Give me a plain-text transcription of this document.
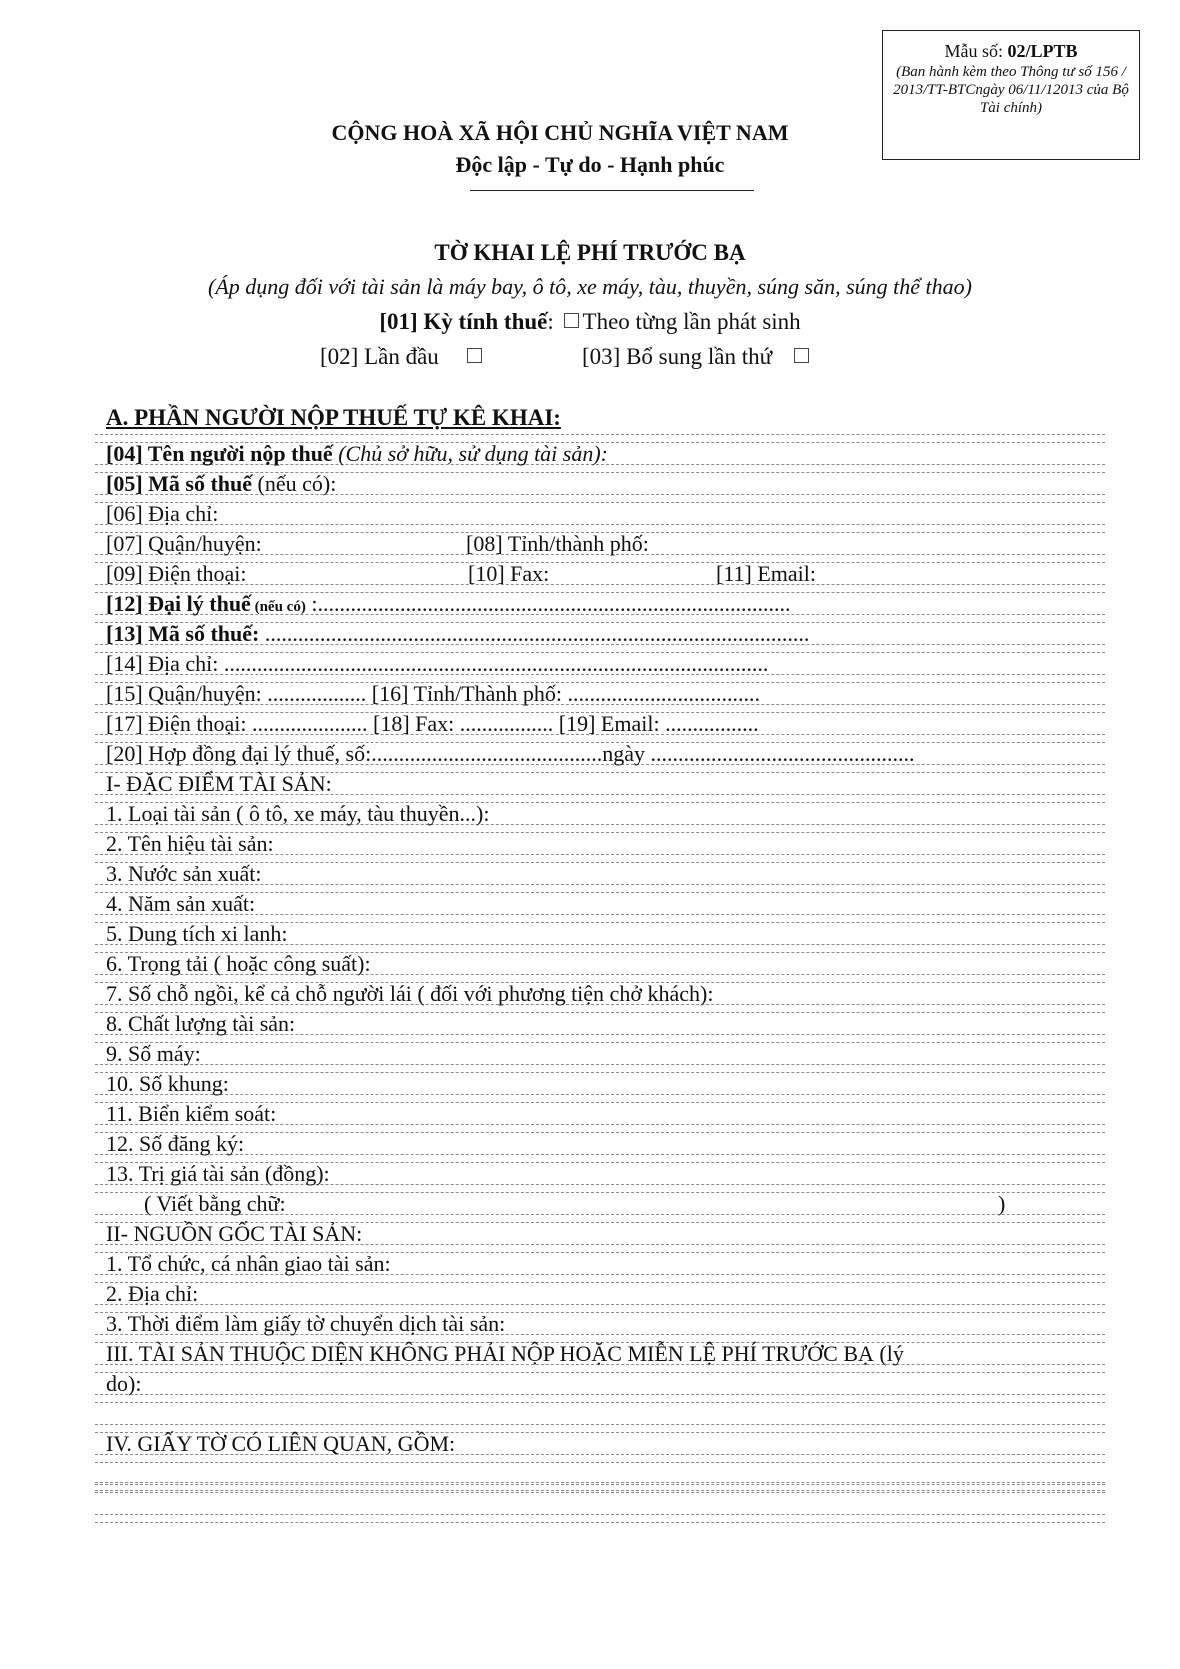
Mẫu số: 02/LPTB
(Ban hành kèm theo Thông tư số 156 / 2013/TT-BTCngày 06/11/12013 của Bộ Tài chính)
CỘNG HOÀ XÃ HỘI CHỦ NGHĨA VIỆT NAM
Độc lập - Tự do - Hạnh phúc
TỜ KHAI LỆ PHÍ TRƯỚC BẠ
(Áp dụng đối với tài sản là máy bay, ô tô, xe máy, tàu, thuyền, súng săn, súng thể thao)
[01] Kỳ tính thuế: Theo từng lần phát sinh
[02] Lần đầu	[03] Bổ sung lần thứ
A. PHẦN NGƯỜI NỘP THUẾ TỰ KÊ KHAI:
[04] Tên người nộp thuế (Chủ sở hữu, sử dụng tài sản):
[05] Mã số thuế (nếu có):
[06] Địa chỉ:
[07] Quận/huyện:	[08] Tỉnh/thành phố:
[09] Điện thoại:	[10] Fax:	[11] Email:
[12] Đại lý thuế (nếu có) :......................................................................................
[13] Mã số thuế: ...................................................................................................
[14] Địa chỉ: ...................................................................................................
[15] Quận/huyện: .................. [16] Tỉnh/Thành phố: ...................................
[17] Điện thoại: ..................... [18] Fax: ................. [19] Email: .................
[20] Hợp đồng đại lý thuế, số:..........................................ngày ................................................
I- ĐẶC ĐIỂM TÀI SẢN:
1. Loại tài sản ( ô tô, xe máy, tàu thuyền...):
2. Tên hiệu tài sản:
3. Nước sản xuất:
4. Năm sản xuất:
5. Dung tích xi lanh:
6. Trọng tải ( hoặc công suất):
7. Số chỗ ngồi, kể cả chỗ người lái ( đối với phương tiện chở khách):
8. Chất lượng tài sản:
9. Số máy:
10. Số khung:
11. Biển kiểm soát:
12. Số đăng ký:
13. Trị giá tài sản (đồng):
( Viết bằng chữ:	)
II- NGUỒN GỐC TÀI SẢN:
1. Tổ chức, cá nhân giao tài sản:
2. Địa chỉ:
3. Thời điểm làm giấy tờ chuyển dịch tài sản:
III. TÀI SẢN THUỘC DIỆN KHÔNG PHẢI NỘP HOẶC MIỄN LỆ PHÍ TRƯỚC BẠ (lý
do):
IV. GIẤY TỜ CÓ LIÊN QUAN, GỒM:
